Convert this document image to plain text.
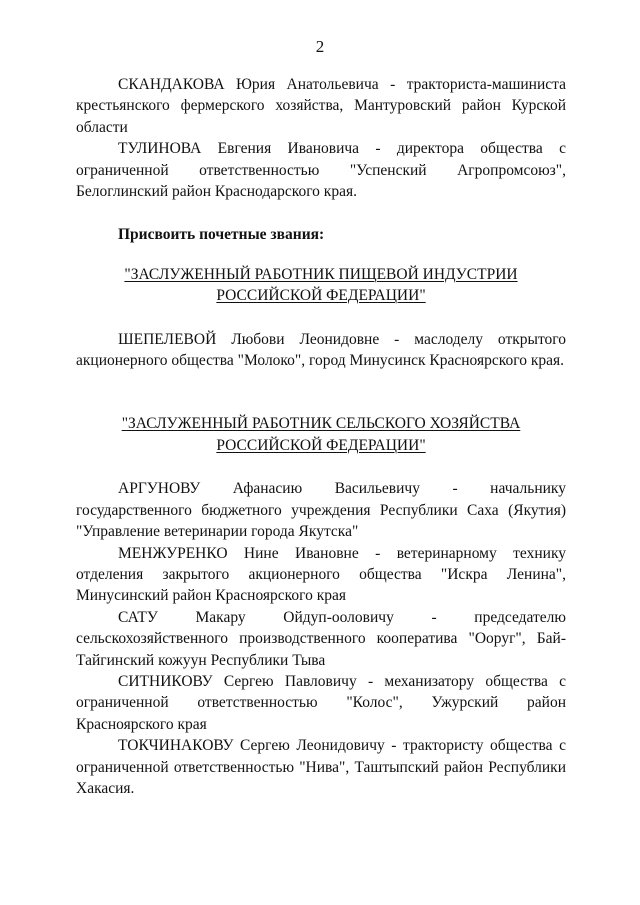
2

СКАНДАКОВА Юрия Анатольевича - тракториста-машиниста крестьянского фермерского хозяйства, Мантуровский район Курской области

ТУЛИНОВА Евгения Ивановича - директора общества с ограниченной ответственностью "Успенский Агропромсоюз", Белоглинский район Краснодарского края.

Присвоить почетные звания:

"ЗАСЛУЖЕННЫЙ РАБОТНИК ПИЩЕВОЙ ИНДУСТРИИ
РОССИЙСКОЙ ФЕДЕРАЦИИ"

ШЕПЕЛЕВОЙ Любови Леонидовне - маслоделу открытого акционерного общества "Молоко", город Минусинск Красноярского края.

"ЗАСЛУЖЕННЫЙ РАБОТНИК СЕЛЬСКОГО ХОЗЯЙСТВА
РОССИЙСКОЙ ФЕДЕРАЦИИ"

АРГУНОВУ Афанасию Васильевичу - начальнику государственного бюджетного учреждения Республики Саха (Якутия) "Управление ветеринарии города Якутска"

МЕНЖУРЕНКО Нине Ивановне - ветеринарному технику отделения закрытого акционерного общества "Искра Ленина", Минусинский район Красноярского края

САТУ Макару Ойдуп-оолович​у - председателю сельскохозяйственного производственного кооператива "Ооруг", Бай-Тайгинский кожуун Республики Тыва

СИТНИКОВУ Сергею Павловичу - механизатору общества с ограниченной ответственностью "Колос", Ужурский район Красноярского края

ТОКЧИНАКОВУ Сергею Леонидовичу - трактористу общества с ограниченной ответственностью "Нива", Таштыпский район Республики Хакасия.
